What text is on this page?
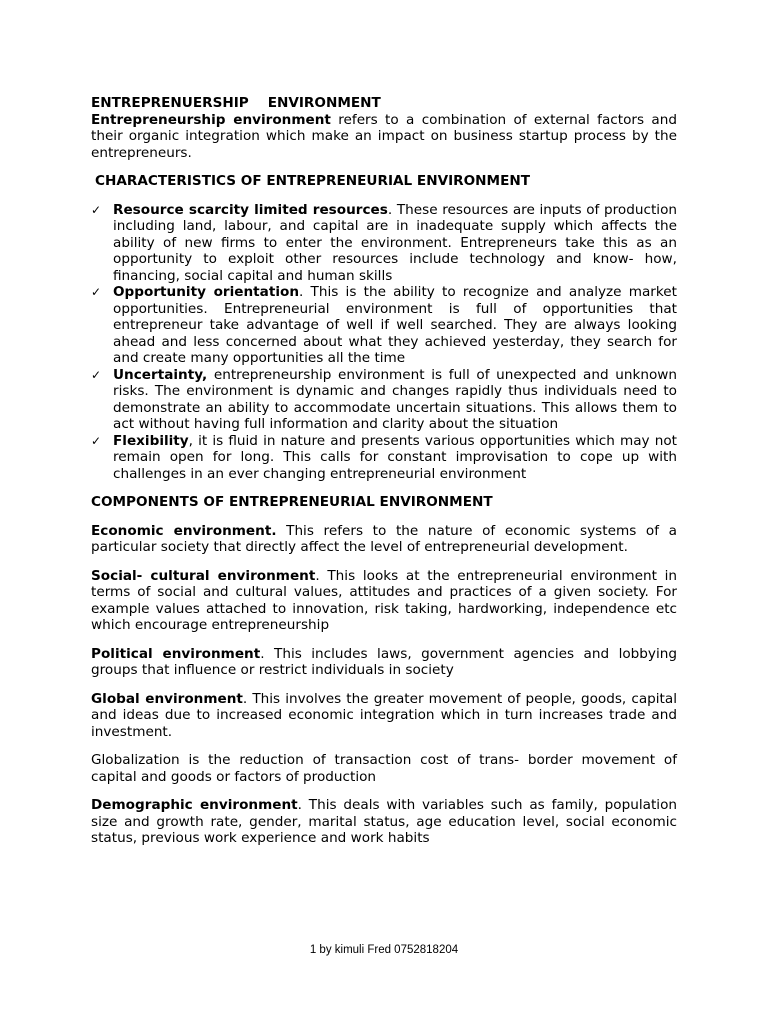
ENTREPRENUERSHIP    ENVIRONMENT

Entrepreneurship environment refers to a combination of external factors and their organic integration which make an impact on business startup process by the entrepreneurs.

CHARACTERISTICS OF ENTREPRENEURIAL ENVIRONMENT
✓ Resource scarcity limited resources. These resources are inputs of production including land, labour, and capital are in inadequate supply which affects the ability of new firms to enter the environment. Entrepreneurs take this as an opportunity to exploit other resources include technology and know- how, financing, social capital and human skills
✓ Opportunity orientation. This is the ability to recognize and analyze market opportunities. Entrepreneurial environment is full of opportunities that entrepreneur take advantage of well if well searched. They are always looking ahead and less concerned about what they achieved yesterday, they search for and create many opportunities all the time
✓ Uncertainty, entrepreneurship environment is full of unexpected and unknown risks. The environment is dynamic and changes rapidly thus individuals need to demonstrate an ability to accommodate uncertain situations. This allows them to act without having full information and clarity about the situation
✓ Flexibility, it is fluid in nature and presents various opportunities which may not remain open for long. This calls for constant improvisation to cope up with challenges in an ever changing entrepreneurial environment
COMPONENTS OF ENTREPRENEURIAL ENVIRONMENT
Economic environment. This refers to the nature of economic systems of a particular society that directly affect the level of entrepreneurial development.
Social- cultural environment. This looks at the entrepreneurial environment in terms of social and cultural values, attitudes and practices of a given society. For example values attached to innovation, risk taking, hardworking, independence etc which encourage entrepreneurship
Political environment. This includes laws, government agencies and lobbying groups that influence or restrict individuals in society
Global environment. This involves the greater movement of people, goods, capital and ideas due to increased economic integration which in turn increases trade and investment.
Globalization is the reduction of transaction cost of trans- border movement of capital and goods or factors of production
Demographic environment. This deals with variables such as family, population size and growth rate, gender, marital status, age education level, social economic status, previous work experience and work habits
1 by kimuli Fred 0752818204
